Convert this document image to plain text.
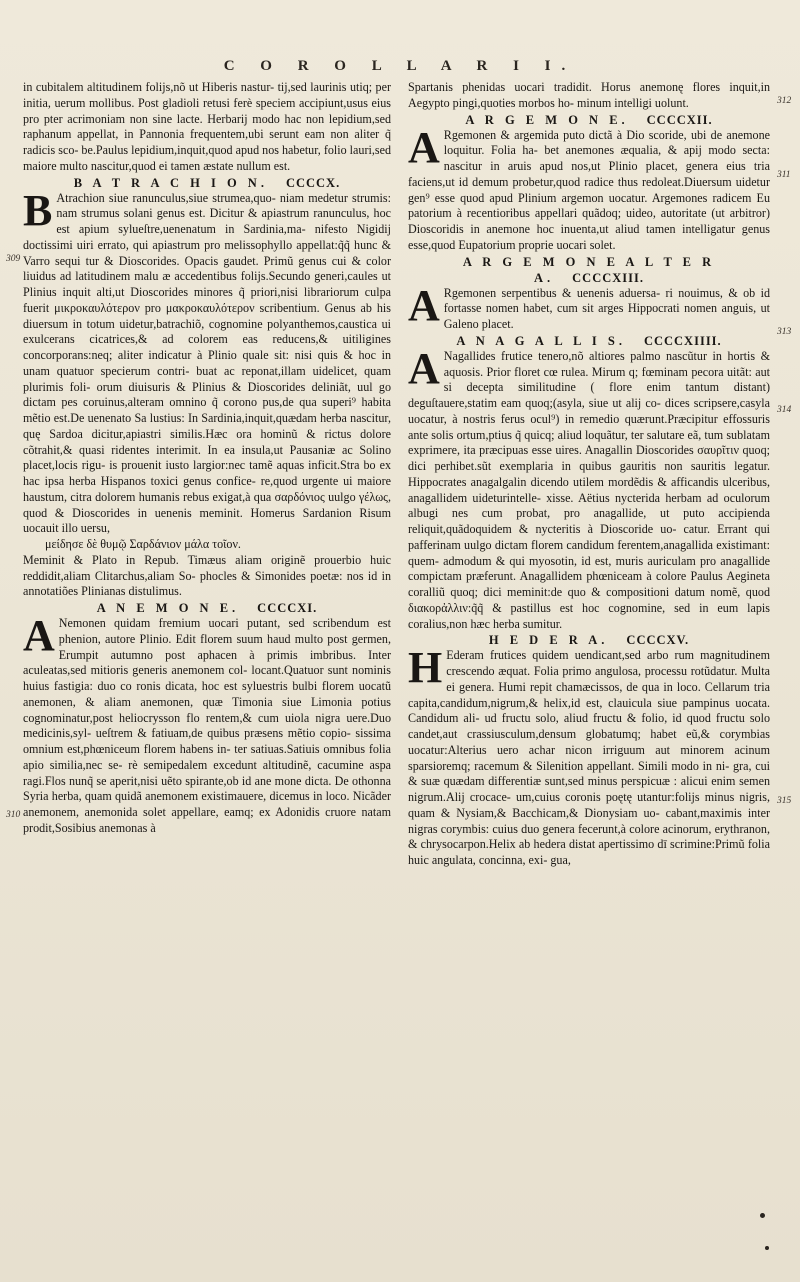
C O R O L L A R I I.
309
310
311
312
313
314
315

in cubitalem altitudinem folijs,nõ ut Hiberis nastur- tij,sed laurinis utiq; per initia, uerum mollibus. Post gladioli retusi ferè speciem accipiunt,usus eius pro pter acrimoniam non sine lacte. Herbarij modo hac non lepidium,sed raphanum appellat, in Pannonia frequentem,ubi serunt eam non aliter q̃ radicis sco- be.Paulus lepidium,inquit,quod apud nos habetur, folio lauri,sed maiore multo nascitur,quod ei tamen æstate nullum est.

B A T R A C H I O N. CCCCX.

B Atrachion siue ranunculus,siue strumea,quo- niam medetur strumis: nam strumus solani genus est. Dicitur & apiastrum ranunculus, hoc est apium sylueſtre,uenenatum in Sardinia,ma- nifesto Nigidij doctissimi uiri errato, qui apiastrum pro melissophyllo appellat:q̃q̃ hunc & Varro sequi tur & Dioscorides. Opacis gaudet. Primũ genus cui & color liuidus ad latitudinem malu æ accedentibus folijs.Secundo generi,caules ut Plinius inquit alti,ut Dioscorides minores q̃ priori,nisi librariorum culpa fuerit μικροκαυλότερον pro μακροκαυλότερον scribentium. Genus ab his diuersum in totum uidetur,batrachiõ, cognomine polyanthemos,caustica ui exulcerans cicatrices,& ad colorem eas reducens,& uitiligines concorporans:neq; aliter indicatur à Plinio quale sit: nisi quis & hoc in unam quatuor specierum contri- buat ac reponat,illam uidelicet, quam plurimis foli- orum diuisuris & Plinius & Dioscorides deliniãt, uul go dictam pes coruinus,alteram omnino q̃ corono pus,de qua superi⁹ habita mẽtio est.De uenenato Sa lustius: In Sardinia,inquit,quædam herba nascitur, quę Sardoa dicitur,apiastri similis.Hæc ora hominũ & rictus dolore cõtrahit,& quasi ridentes interimit. In ea insula,ut Pausaniæ ac Solino placet,locis rigu- is prouenit iusto largior:nec tamẽ aquas inficit.Stra bo ex hac ipsa herba Hispanos toxici genus confice- re,quod urgente ui maiore haustum, citra dolorem humanis rebus exigat,à qua σαρδόνιος uulgo γέλως, quod & Dioscorides in uenenis meminit. Homerus Sardanion Risum uocauit illo uersu,

μείδησε δὲ θυμῷ Σαρδάνιον μάλα τοῖον.

Meminit & Plato in Repub. Timæus aliam originẽ prouerbio huic reddidit,aliam Clitarchus,aliam So- phocles & Simonides poetæ: nos id in annotatiões Plinianas distulimus.

A N E M O N E. CCCCXI.

A Nemonen quidam fremium uocari putant, sed scribendum est phenion, autore Plinio. Edit florem suum haud multo post germen, Erumpit autumno post aphacen à primis imbribus. Inter aculeatas,sed mitioris generis anemonem col- locant.Quatuor sunt nominis huius fastigia: duo co ronis dicata, hoc est syluestris bulbi florem uocatũ anemonen, & aliam anemonen, quæ Timonia siue Limonia potius cognominatur,post heliocrysson flo rentem,& cum uiola nigra uere.Duo medicinis,syl- ueſtrem & fatiuam,de quibus præsens mẽtio copio- sissima omnium est,phœniceum florem habens in- ter satiuas.Satiuis omnibus folia apio similia,nec se- rè semipedalem excedunt altitudinẽ, cacumine aspa ragi.Flos nunq̃ se aperit,nisi uẽto spirante,ob id ane mone dicta. De othonna Syria herba, quam quidã anemonem existimauere, dicemus in loco. Nicãder anemonem, anemonida solet appellare, eamq; ex Adonidis cruore natam prodit,Sosibius anemonas à

Spartanis phenidas uocari tradidit. Horus anemonę flores inquit,in Aegypto pingi,quoties morbos ho- minum intelligi uolunt.

A R G E M O N E. CCCCXII.

A Rgemonen & argemida puto dictã à Dio scoride, ubi de anemone loquitur. Folia ha- bet anemones æqualia, & apij modo secta: nascitur in aruis apud nos,ut Plinio placet, genera eius tria faciens,ut id demum probetur,quod radice thus redoleat.Diuersum uidetur gen⁹ esse quod apud Plinium argemon uocatur. Argemones radicem Eu patorium à recentioribus appellari quãdoq; uideo, autoritate (ut arbitror) Dioscoridis in anemone hoc inuenta,ut aliud tamen intelligatur genus esse,quod Eupatorium proprie uocari solet.

A R G E M O N E A L T E R A. CCCCXIII.

A Rgemonen serpentibus & uenenis aduersa- ri nouimus, & ob id fortasse nomen habet, cum sit arges Hippocrati nomen anguis, ut Galeno placet.

A N A G A L L I S. CCCCXIIII.

A Nagallides frutice tenero,nõ altiores palmo nascũtur in hortis & aquosis. Prior floret cœ rulea. Mirum q; fœminam pecora uitãt: aut si decepta similitudine ( flore enim tantum distant) deguſtauere,statim eam quoq;(asyla, siue ut alij co- dices scripsere,casyla uocatur, à nostris ferus ocul⁹) in remedio quærunt.Præcipitur effossuris ante solis ortum,ptius q̃ quicq; aliud loquãtur, ter salutare eã, tum sublatam exprimere, ita præcipuas esse uires. Anagallin Dioscorides σαυρῖτιν quoq; dici perhibet.sũt exemplaria in quibus gauritis non sauritis legatur. Hippocrates anagalgalin dicendo utilem mordẽdis & afficandis ulceribus, anagallidem uideturintelle- xisse. Aëtius nycterida herbam ad oculorum albugi nes cum probat, pro anagallide, ut puto accipienda reliquit,quãdoquidem & nycteritis à Dioscoride uo- catur. Errant qui pafferinam uulgo dictam florem candidum ferentem,anagallida existimant: quem- admodum & qui myosotin, id est, muris auriculam pro anagallide compictam præferunt. Anagallidem phœniceam à colore Paulus Aegineta coralliũ quoq; dici meminit:de quo & compositioni datum nomẽ, quod διακορἀλλιν:q̃q̃ & pastillus est hoc cognomine, sed in eum lapis coralius,non hæc herba sumitur.

H E D E R A. CCCCXV.

H Ederam frutices quidem uendicant,sed arbo rum magnitudinem crescendo æquat. Folia primo angulosa, processu rotũdatur. Multa ei genera. Humi repit chamæcissos, de qua in loco. Cellarum tria capita,candidum,nigrum,& helix,id est, clauicula siue pampinus uocata. Candidum ali- ud fructu solo, aliud fructu & folio, id quod fructu solo candet,aut crassiusculum,densum globatumq; habet eũ,& corymbias uocatur:Alterius uero achar nicon irriguum aut minorem acinum sparsioremq; racemum & Silenition appellant. Simili modo in ni- gra, cui & suæ quædam differentiæ sunt,sed minus perspicuæ : alicui enim semen nigrum.Alij crocace- um,cuius coronis poętę utantur:folijs minus nigris, quam & Nysiam,& Bacchicam,& Dionysiam uo- cabant,maximis inter nigras corymbis: cuius duo genera fecerunt,à colore acinorum, erythranon, & chrysocarpon.Helix ab hedera distat apertissimo dī scrimine:Primũ folia huic angulata, concinna, exi- gua,
